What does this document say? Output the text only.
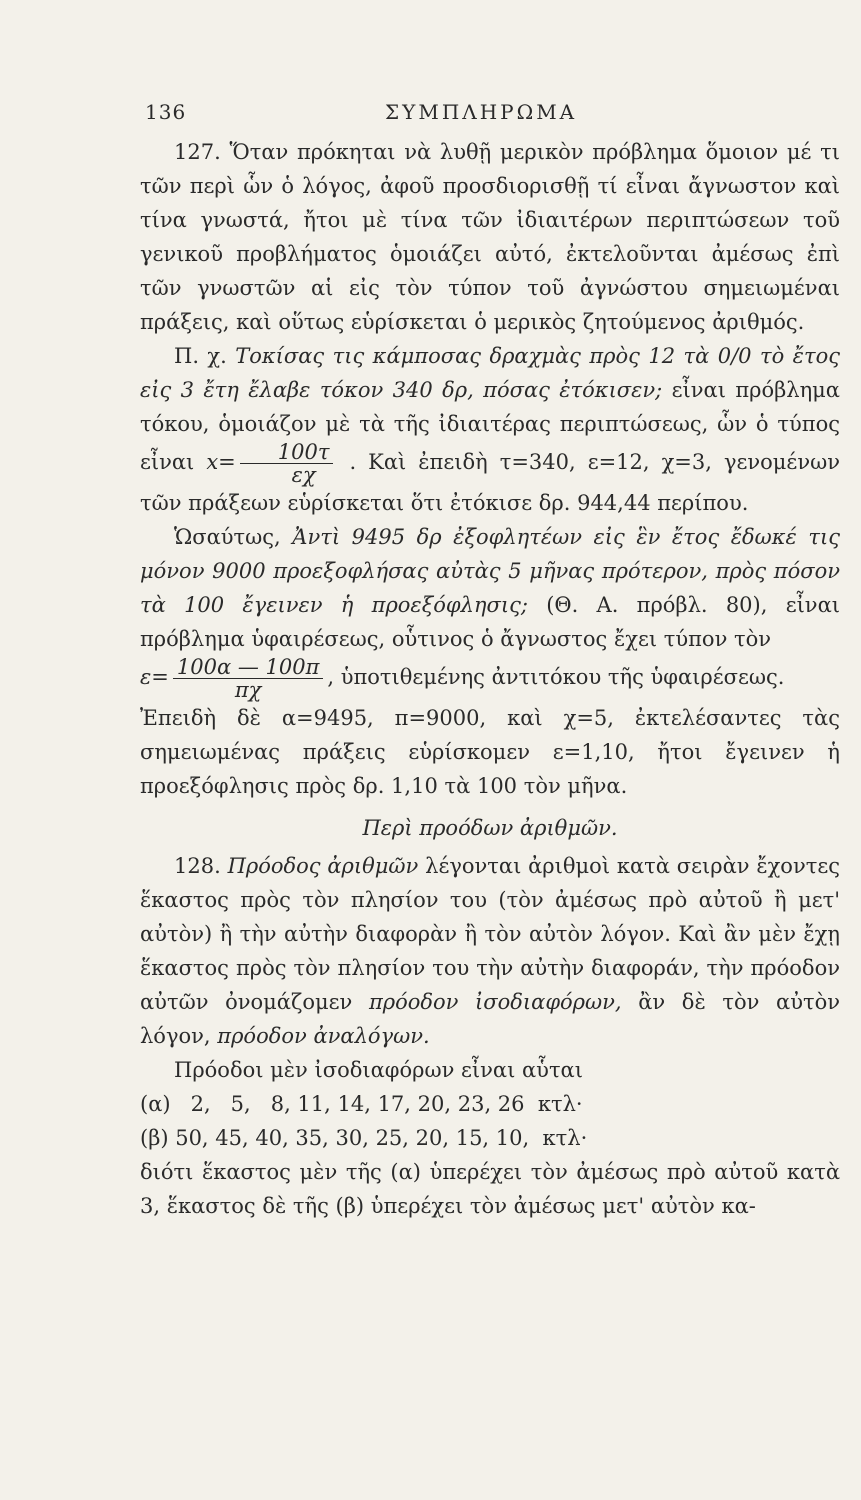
136	ΣΥΜΠΛΗΡΩΜΑ

127. Ὅταν πρόκηται νὰ λυθῇ μερικὸν πρόβλημα ὅμοιον μέ τι τῶν περὶ ὧν ὁ λόγος, ἀφοῦ προσδιορισθῇ τί εἶναι ἄγνωστον καὶ τίνα γνωστά, ἤτοι μὲ τίνα τῶν ἰδιαιτέρων περιπτώσεων τοῦ γενικοῦ προβλήματος ὁμοιάζει αὐτό, ἐκτελοῦνται ἀμέσως ἐπὶ τῶν γνωστῶν αἱ εἰς τὸν τύπον τοῦ ἀγνώστου σημειωμέναι πράξεις, καὶ οὕτως εὑρίσκεται ὁ μερικὸς ζητούμενος ἀριθμός.

Π. χ. Τοκίσας τις κάμποσας δραχμὰς πρὸς 12 τὰ 0/0 τὸ ἔτος εἰς 3 ἔτη ἔλαβε τόκον 340 δρ, πόσας ἐτόκισεν; εἶναι πρόβλημα τόκου, ὁμοιάζον μὲ τὰ τῆς ἰδιαιτέρας περιπτώσεως, ὧν ὁ τύπος εἶναι $x= \frac{100\tau}{\varepsilon\chi}$ . Καὶ ἐπειδὴ τ=340, ε=12, χ=3, γενομένων τῶν πράξεων εὑρίσκεται ὅτι ἐτόκισε δρ. 944,44 περίπου.

Ὡσαύτως, Ἀντὶ 9495 δρ ἐξοφλητέων εἰς ἓν ἔτος ἔδωκέ τις μόνον 9000 προεξοφλήσας αὐτὰς 5 μῆνας πρότερον, πρὸς πόσον τὰ 100 ἔγεινεν ἡ προεξόφλησις; (Θ. Α. πρόβλ. 80), εἶναι πρόβλημα ὑφαιρέσεως, οὗτινος ὁ ἄγνωστος ἔχει τύπον τὸν

$\varepsilon= \frac{100\alpha — 100\pi}{\pi\chi}$ , ὑποτιθεμένης ἀντιτόκου τῆς ὑφαιρέσεως.

Ἐπειδὴ δὲ α=9495, π=9000, καὶ χ=5, ἐκτελέσαντες τὰς σημειωμένας πράξεις εὑρίσκομεν ε=1,10, ἤτοι ἔγεινεν ἡ προεξόφλησις πρὸς δρ. 1,10 τὰ 100 τὸν μῆνα.

Περὶ προόδων ἀριθμῶν.

128. Πρόοδος ἀριθμῶν λέγονται ἀριθμοὶ κατὰ σειρὰν ἔχοντες ἕκαστος πρὸς τὸν πλησίον του (τὸν ἀμέσως πρὸ αὐτοῦ ἢ μετ' αὐτὸν) ἢ τὴν αὐτὴν διαφορὰν ἢ τὸν αὐτὸν λόγον. Καὶ ἂν μὲν ἔχῃ ἕκαστος πρὸς τὸν πλησίον του τὴν αὐτὴν διαφοράν, τὴν πρόοδον αὐτῶν ὀνομάζομεν πρόοδον ἰσοδιαφόρων, ἂν δὲ τὸν αὐτὸν λόγον, πρόοδον ἀναλόγων.

Πρόοδοι μὲν ἰσοδιαφόρων εἶναι αὗται

(α)   2,   5,   8, 11, 14, 17, 20, 23, 26  κτλ·

(β) 50, 45, 40, 35, 30, 25, 20, 15, 10,  κτλ·

διότι ἕκαστος μὲν τῆς (α) ὑπερέχει τὸν ἀμέσως πρὸ αὐτοῦ κατὰ 3, ἕκαστος δὲ τῆς (β) ὑπερέχει τὸν ἀμέσως μετ' αὐτὸν κα-
